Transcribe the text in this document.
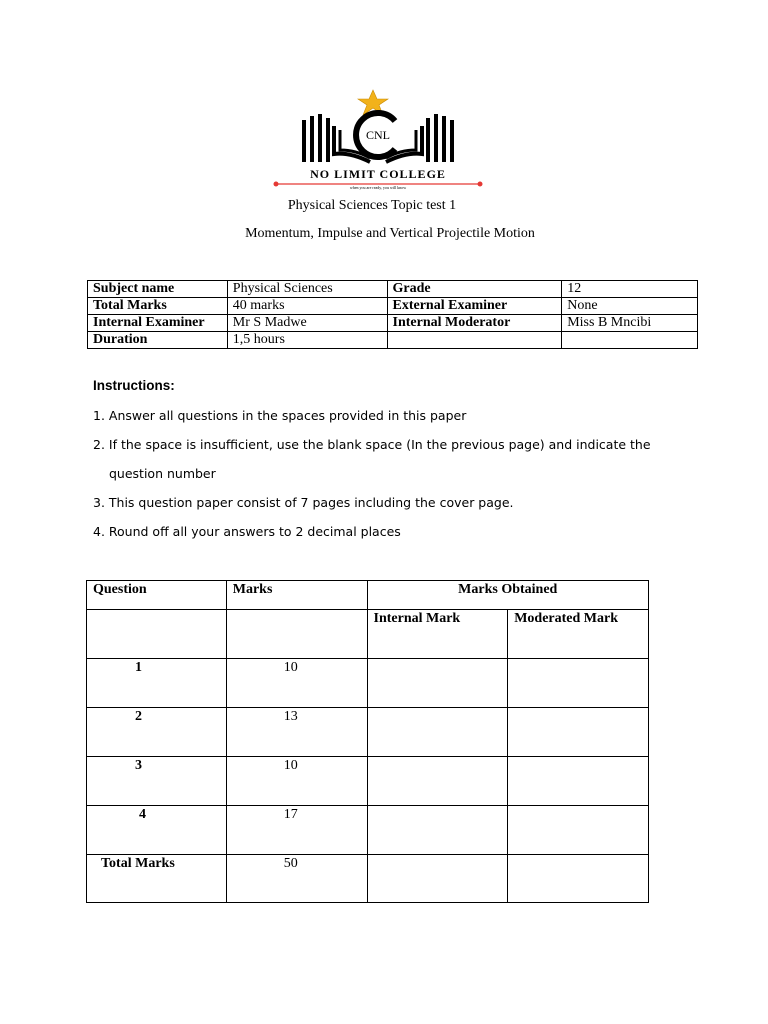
CNL
NO LIMIT COLLEGE
when you are ready, you will know
Physical Sciences Topic test 1
Momentum, Impulse and Vertical Projectile Motion
Subject name	Physical Sciences	Grade	12
Total Marks	40 marks	External Examiner	None
Internal Examiner	Mr S Madwe	Internal Moderator	Miss B Mncibi
Duration	1,5 hours		
Instructions:
1. Answer all questions in the spaces provided in this paper
2. If the space is insufficient, use the blank space (In the previous page) and indicate the
question number
3. This question paper consist of 7 pages including the cover page.
4. Round off all your answers to 2 decimal places
Question	Marks	Marks Obtained	
		Internal Mark	Moderated Mark
1	10		
2	13		
3	10		
4	17		
Total Marks	50		
